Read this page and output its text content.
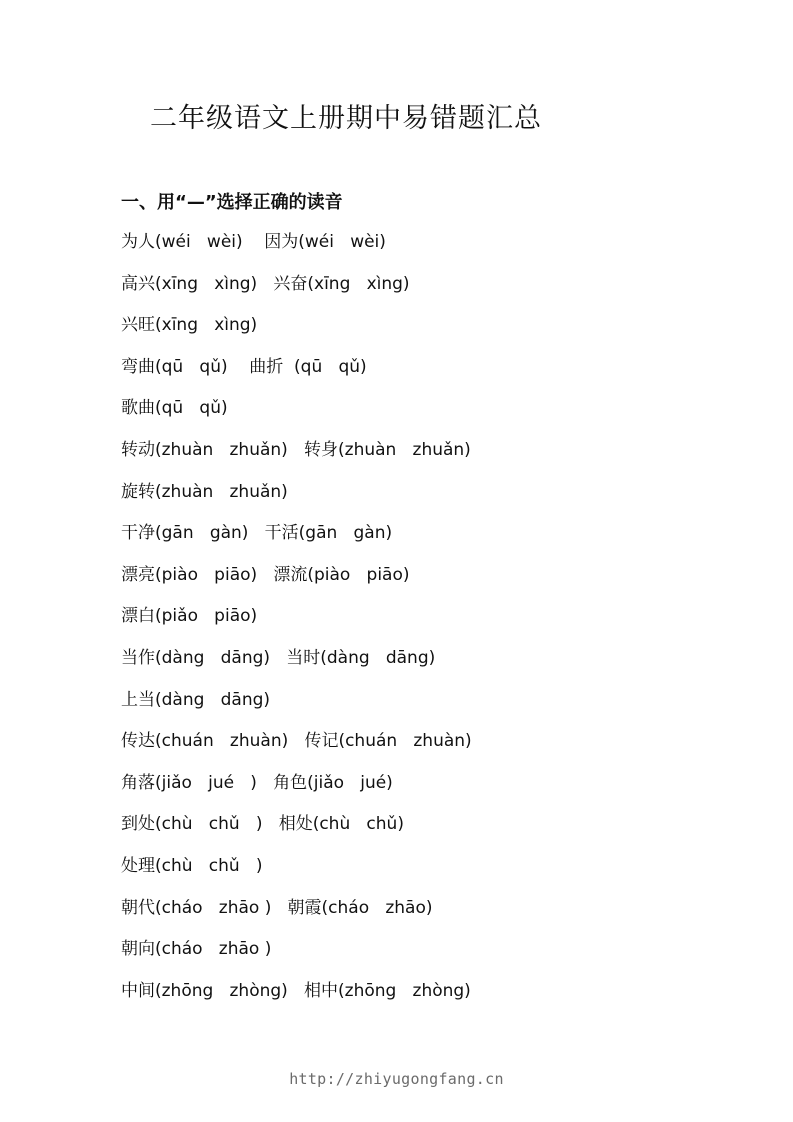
二年级语文上册期中易错题汇总
一、用“—”选择正确的读音
为人(wéi   wèi)    因为(wéi   wèi)
高兴(xīng   xìng)   兴奋(xīng   xìng)
兴旺(xīng   xìng)
弯曲(qū   qǔ)    曲折  (qū   qǔ)
歌曲(qū   qǔ)
转动(zhuàn   zhuǎn)   转身(zhuàn   zhuǎn)
旋转(zhuàn   zhuǎn)
干净(gān   gàn)   干活(gān   gàn)
漂亮(piào   piāo)   漂流(piào   piāo)
漂白(piǎo   piāo)
当作(dàng   dāng)   当时(dàng   dāng)
上当(dàng   dāng)
传达(chuán   zhuàn)   传记(chuán   zhuàn)
角落(jiǎo   jué   )   角色(jiǎo   jué)
到处(chù   chǔ   )   相处(chù   chǔ)
处理(chù   chǔ   )
朝代(cháo   zhāo )   朝霞(cháo   zhāo)
朝向(cháo   zhāo )
中间(zhōng   zhòng)   相中(zhōng   zhòng)
http://zhiyugongfang.cn
